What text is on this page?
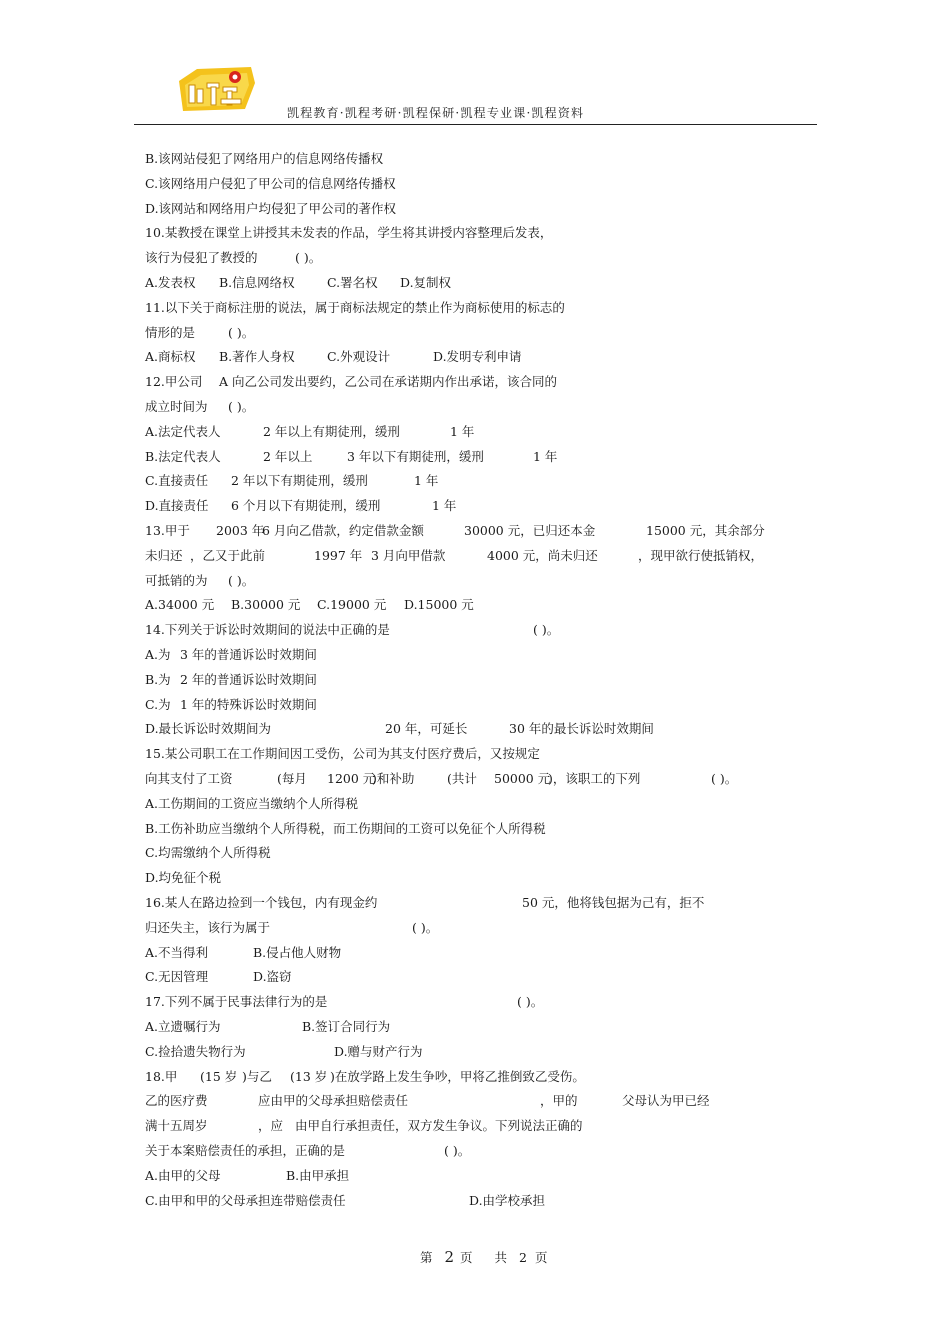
凯程教育·凯程考研·凯程保研·凯程专业课·凯程资料
B.该网站侵犯了网络用户的信息网络传播权
C.该网络用户侵犯了甲公司的信息网络传播权
D.该网站和网络用户均侵犯了甲公司的著作权
10.某教授在课堂上讲授其未发表的作品，学生将其讲授内容整理后发表，
该行为侵犯了教授的	( )。
A.发表权 B.信息网络权	C.署名权 D.复制权
11.以下关于商标注册的说法，属于商标法规定的禁止作为商标使用的标志的
情形的是	( )。
A.商标权 B.著作人身权	C.外观设计	D.发明专利申请
12.甲公司 A 向乙公司发出要约，乙公司在承诺期内作出承诺，该合同的
成立时间为 ( )。
A.法定代表人	2 年以上有期徒刑，缓刑	1 年
B.法定代表人	2 年以上	3 年以下有期徒刑，缓刑	1 年
C.直接责任 2 年以下有期徒刑，缓刑	1 年
D.直接责任 6 个月以下有期徒刑，缓刑	1 年
13.甲于 2003 年
6 月向乙借款，约定借款金额	30000 元，已归还本金	15000 元，其余部分
未归还 ，乙又于此前	1997 年 3 月向甲借款	4000 元，尚未归还	，现甲欲行使抵销权，
可抵销的为 ( )。
A.34000 元 B.30000 元 C.19000 元 D.15000 元
14.下列关于诉讼时效期间的说法中正确的是	( )。
A.为 3 年的普通诉讼时效期间
B.为 2 年的普通诉讼时效期间
C.为 1 年的特殊诉讼时效期间
D.最长诉讼时效期间为	20 年，可延长	30 年的最长诉讼时效期间
15.某公司职工在工作期间因工受伤，公司为其支付医疗费后，又按规定
向其支付了工资	(每月 1200 元
)和补助	(共计 50000 元
)，该职工的下列	( )。
A.工伤期间的工资应当缴纳个人所得税
B.工伤补助应当缴纳个人所得税，而工伤期间的工资可以免征个人所得税
C.均需缴纳个人所得税
D.均免征个税
16.某人在路边捡到一个钱包，内有现金约	50 元，他将钱包据为己有，拒不
归还失主，该行为属于	( )。
A.不当得利	B.侵占他人财物
C.无因管理	D.盗窃
17.下列不属于民事法律行为的是	( )。
A.立遗嘱行为	B.签订合同行为
C.捡拾遗失物行为	D.赠与财产行为
18.甲 (15 岁 )与乙 (13 岁 )在放学路上发生争吵，甲将乙推倒致乙受伤。
乙的医疗费	应由甲的父母承担赔偿责任	，甲的	父母认为甲已经
满十五周岁	，应 由甲自行承担责任，双方发生争议。下列说法正确的
关于本案赔偿责任的承担，正确的是	( )。
A.由甲的父母	B.由甲承担
C.由甲和甲的父母承担连带赔偿责任	D.由学校承担
第 2 页 共 2 页
